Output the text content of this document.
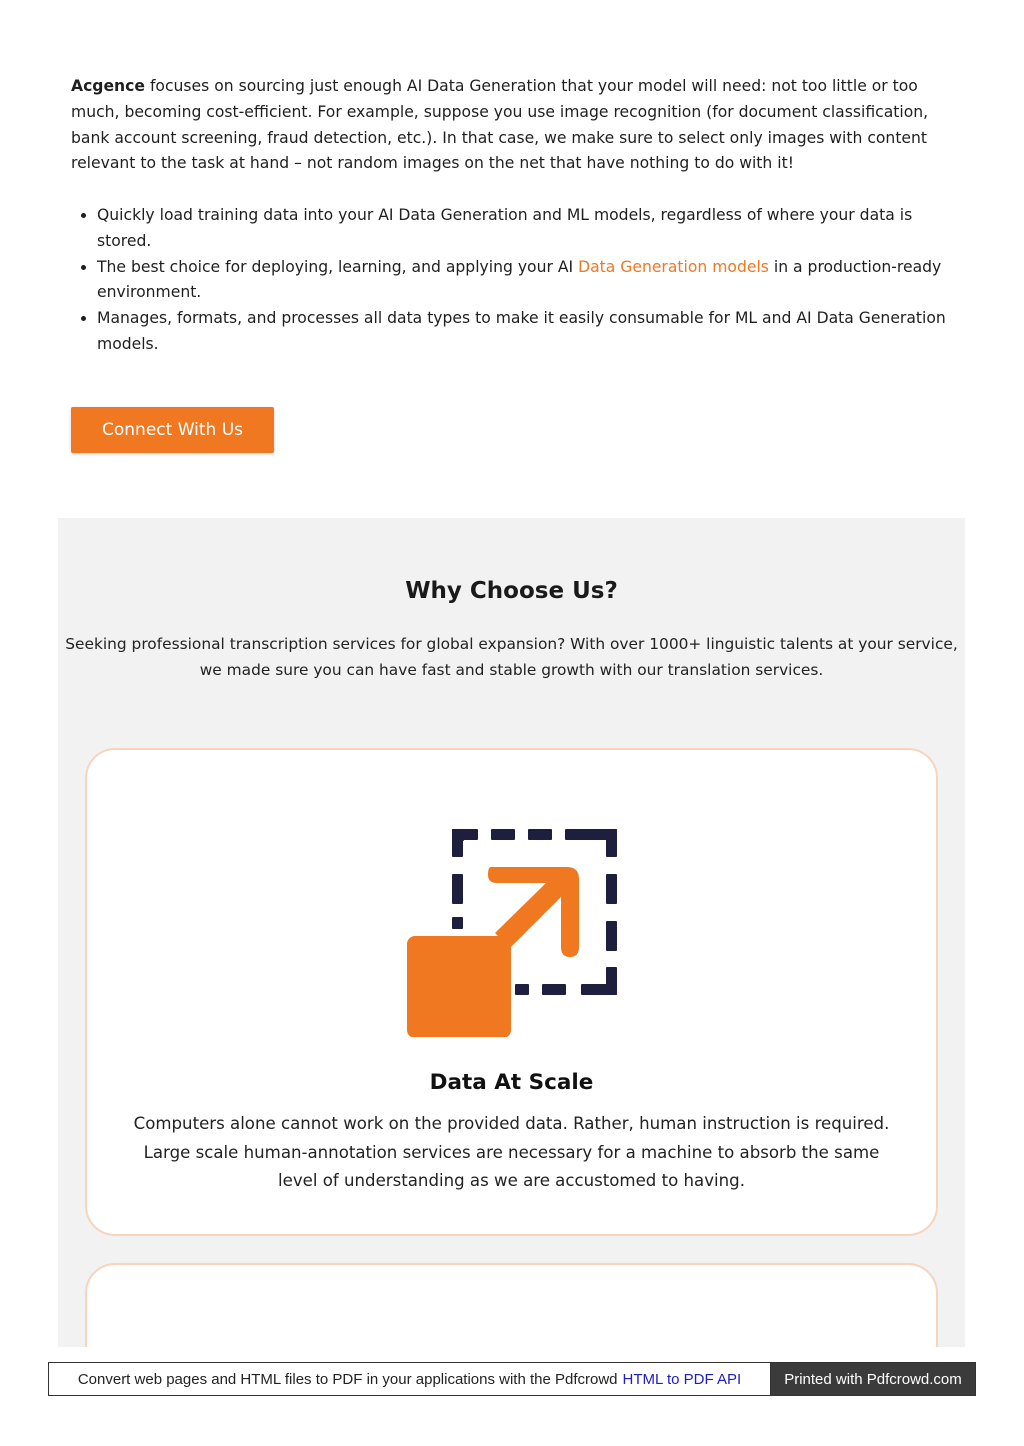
Acgence focuses on sourcing just enough AI Data Generation that your model will need: not too little or too much, becoming cost-efficient. For example, suppose you use image recognition (for document classification, bank account screening, fraud detection, etc.). In that case, we make sure to select only images with content relevant to the task at hand – not random images on the net that have nothing to do with it!

• Quickly load training data into your AI Data Generation and ML models, regardless of where your data is stored.
• The best choice for deploying, learning, and applying your AI Data Generation models in a production-ready environment.
• Manages, formats, and processes all data types to make it easily consumable for ML and AI Data Generation models.
Connect With Us
Why Choose Us?

Seeking professional transcription services for global expansion? With over 1000+ linguistic talents at your service, we made sure you can have fast and stable growth with our translation services.

Data At Scale

Computers alone cannot work on the provided data. Rather, human instruction is required. Large scale human-annotation services are necessary for a machine to absorb the same level of understanding as we are accustomed to having.

Convert web pages and HTML files to PDF in your applications with the Pdfcrowd HTML to PDF API	Printed with Pdfcrowd.com
